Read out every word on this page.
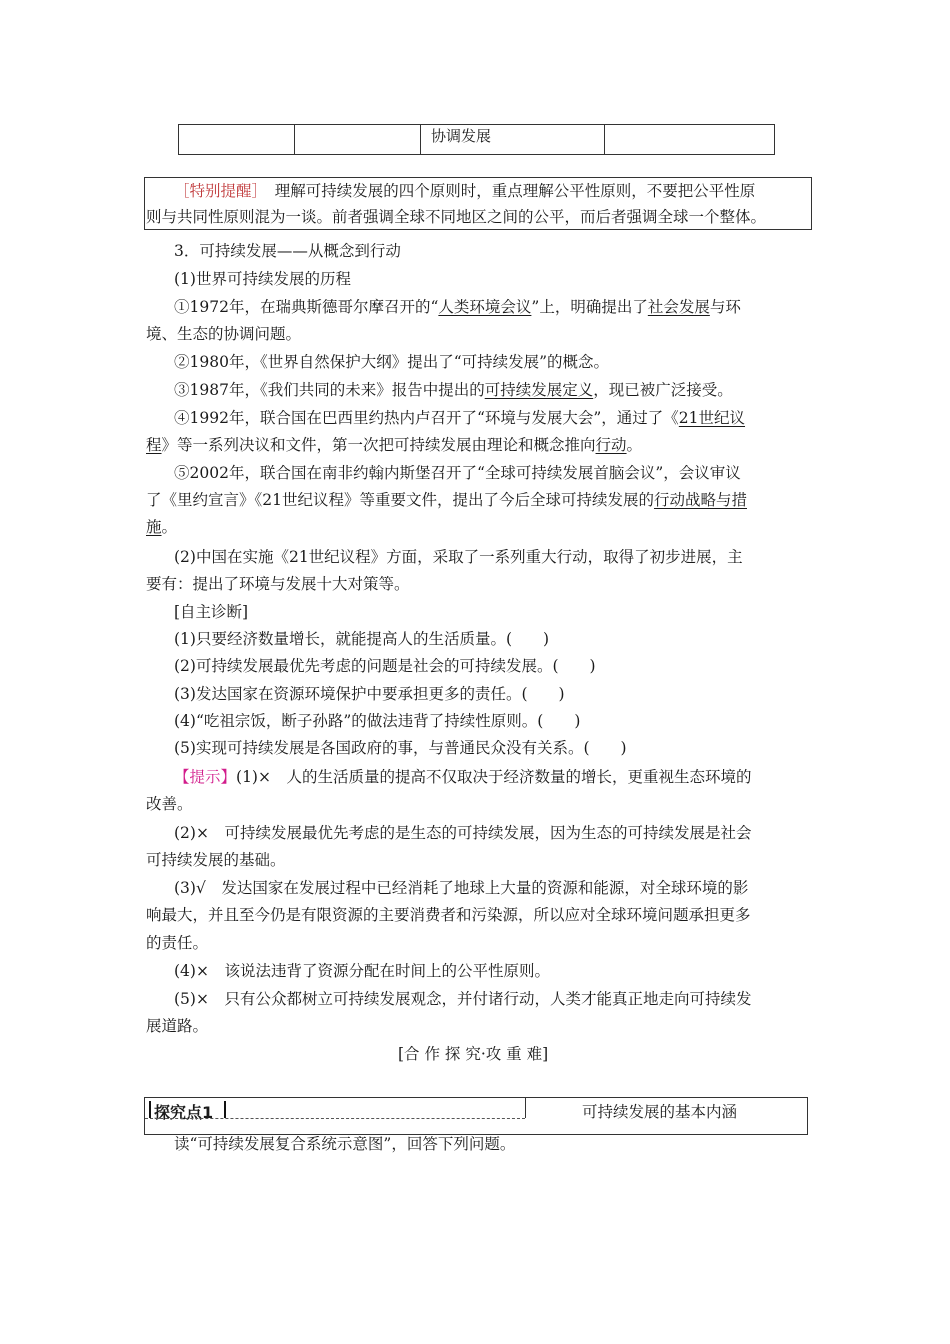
		协调发展	
［特别提醒］　理解可持续发展的四个原则时，重点理解公平性原则，不要把公平性原
则与共同性原则混为一谈。前者强调全球不同地区之间的公平，而后者强调全球一个整体。
3．可持续发展——从概念到行动
(1)世界可持续发展的历程
①1972年，在瑞典斯德哥尔摩召开的“人类环境会议”上，明确提出了社会发展与环
境、生态的协调问题。
②1980年，《世界自然保护大纲》提出了“可持续发展”的概念。
③1987年，《我们共同的未来》报告中提出的可持续发展定义，现已被广泛接受。
④1992年，联合国在巴西里约热内卢召开了“环境与发展大会”，通过了《21世纪议
程》等一系列决议和文件，第一次把可持续发展由理论和概念推向行动。
⑤2002年，联合国在南非约翰内斯堡召开了“全球可持续发展首脑会议”，会议审议
了《里约宣言》《21世纪议程》等重要文件，提出了今后全球可持续发展的行动战略与措
施。
(2)中国在实施《21世纪议程》方面，采取了一系列重大行动，取得了初步进展，主
要有：提出了环境与发展十大对策等。
[自主诊断]
(1)只要经济数量增长，就能提高人的生活质量。(　　)
(2)可持续发展最优先考虑的问题是社会的可持续发展。(　　)
(3)发达国家在资源环境保护中要承担更多的责任。(　　)
(4)“吃祖宗饭，断子孙路”的做法违背了持续性原则。(　　)
(5)实现可持续发展是各国政府的事，与普通民众没有关系。(　　)
【提示】(1)×　人的生活质量的提高不仅取决于经济数量的增长，更重视生态环境的
改善。
(2)×　可持续发展最优先考虑的是生态的可持续发展，因为生态的可持续发展是社会
可持续发展的基础。
(3)√　发达国家在发展过程中已经消耗了地球上大量的资源和能源，对全球环境的影
响最大，并且至今仍是有限资源的主要消费者和污染源，所以应对全球环境问题承担更多
的责任。
(4)×　该说法违背了资源分配在时间上的公平性原则。
(5)×　只有公众都树立可持续发展观念，并付诸行动，人类才能真正地走向可持续发
展道路。
[合 作 探 究·攻 重 难]
探究点1	可持续发展的基本内涵
读“可持续发展复合系统示意图”，回答下列问题。
